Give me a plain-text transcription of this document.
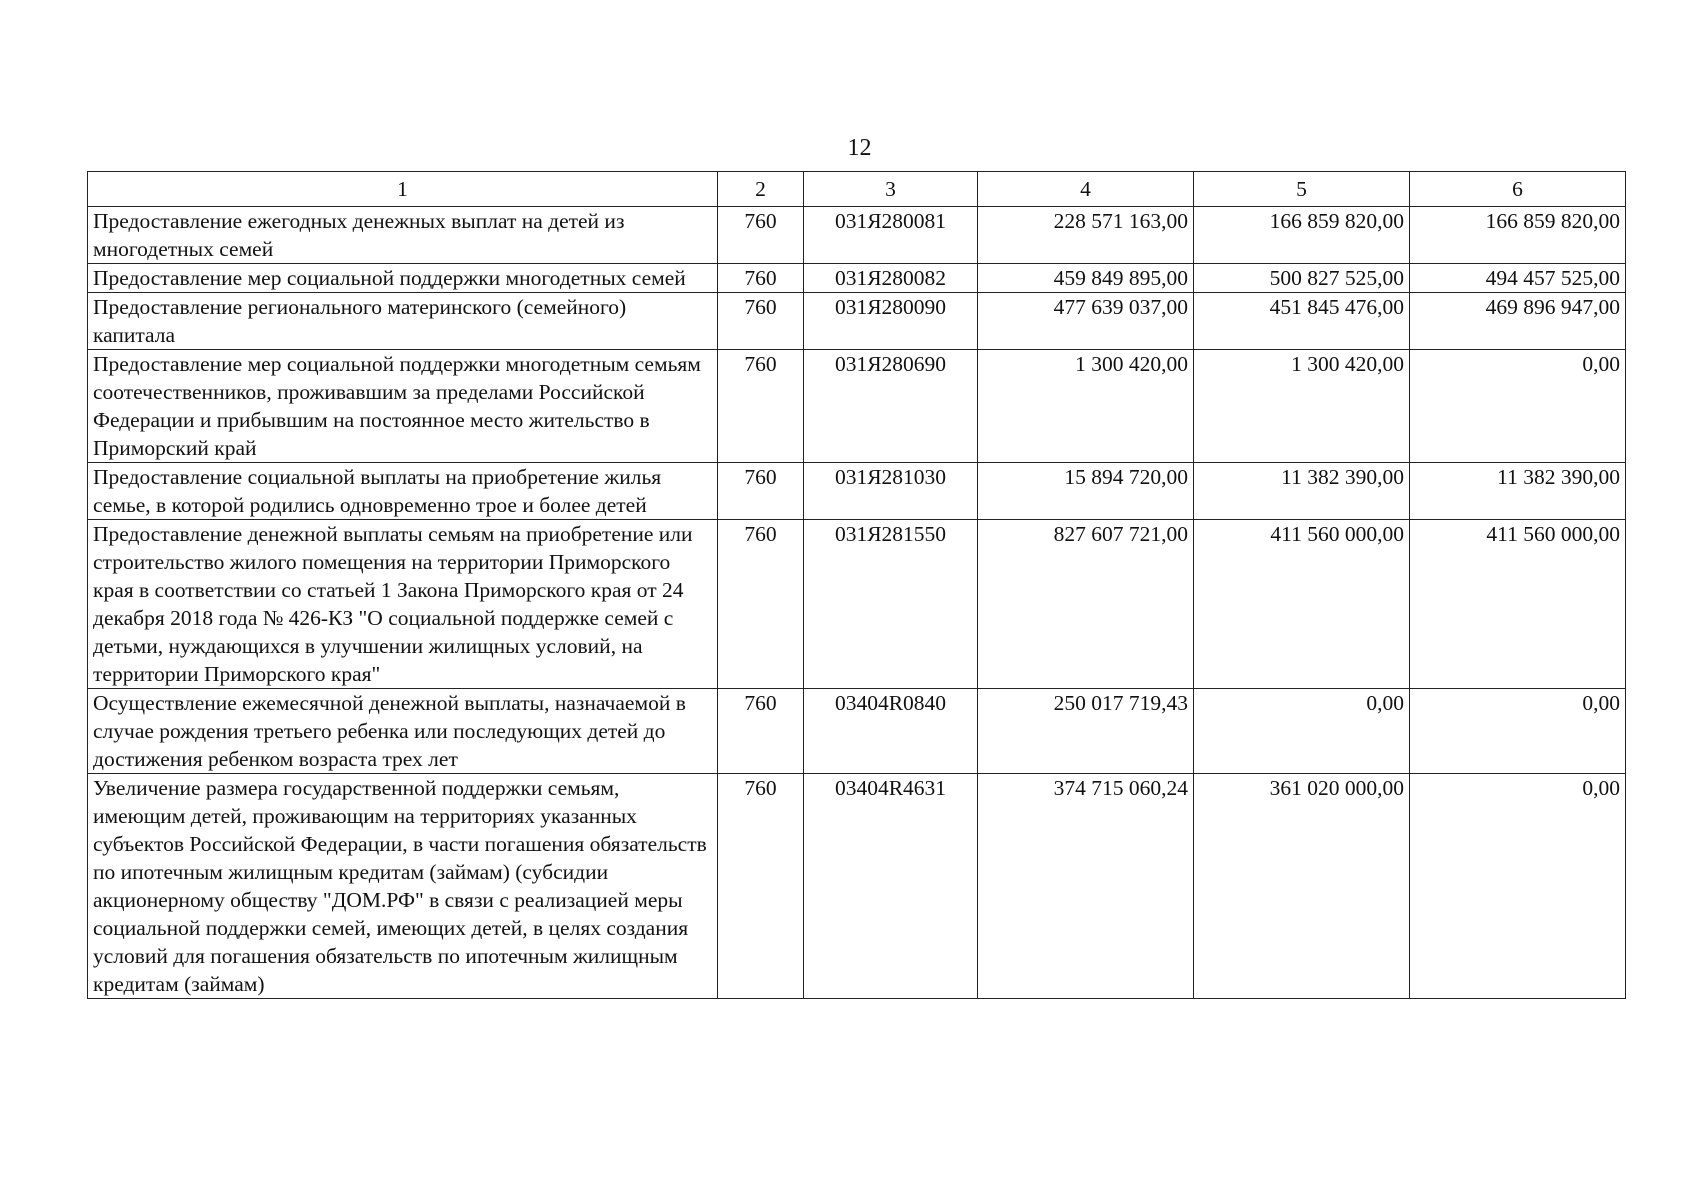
12
1	2	3	4	5	6
Предоставление ежегодных денежных выплат на детей из многодетных семей	760	031Я280081	228 571 163,00	166 859 820,00	166 859 820,00
Предоставление мер социальной поддержки многодетных семей	760	031Я280082	459 849 895,00	500 827 525,00	494 457 525,00
Предоставление регионального материнского (семейного) капитала	760	031Я280090	477 639 037,00	451 845 476,00	469 896 947,00
Предоставление мер социальной поддержки многодетным семьям соотечественников, проживавшим за пределами Российской Федерации и прибывшим на постоянное место жительство в Приморский край	760	031Я280690	1 300 420,00	1 300 420,00	0,00
Предоставление социальной выплаты на приобретение жилья семье, в которой родились одновременно трое и более детей	760	031Я281030	15 894 720,00	11 382 390,00	11 382 390,00
Предоставление денежной выплаты семьям на приобретение или строительство жилого помещения на территории Приморского края в соответствии со статьей 1 Закона Приморского края от 24 декабря 2018 года № 426-КЗ "О социальной поддержке семей с детьми, нуждающихся в улучшении жилищных условий, на территории Приморского края"	760	031Я281550	827 607 721,00	411 560 000,00	411 560 000,00
Осуществление ежемесячной денежной выплаты, назначаемой в случае рождения третьего ребенка или последующих детей до достижения ребенком возраста трех лет	760	03404R0840	250 017 719,43	0,00	0,00
Увеличение размера государственной поддержки семьям, имеющим детей, проживающим на территориях указанных субъектов Российской Федерации, в части погашения обязательств по ипотечным жилищным кредитам (займам) (субсидии акционерному обществу "ДОМ.РФ" в связи с реализацией меры социальной поддержки семей, имеющих детей, в целях создания условий для погашения обязательств по ипотечным жилищным кредитам (займам)	760	03404R4631	374 715 060,24	361 020 000,00	0,00
